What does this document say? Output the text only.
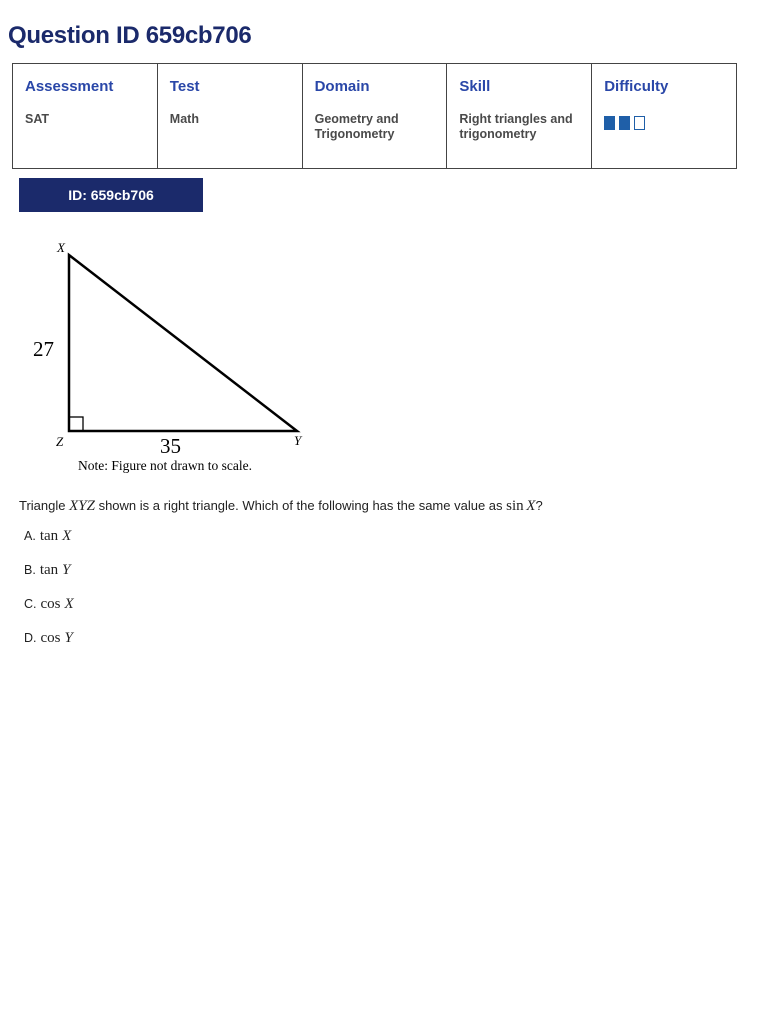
Question ID 659cb706
Assessment	Test	Domain	Skill	Difficulty
SAT	Math	Geometry and Trigonometry	Right triangles and trigonometry	
ID: 659cb706
X
Z	Y
27
35
Note: Figure not drawn to scale.
Triangle XYZ shown is a right triangle. Which of the following has the same value as sin  X?
A. tan X
B. tan Y
C. cos X
D. cos Y
